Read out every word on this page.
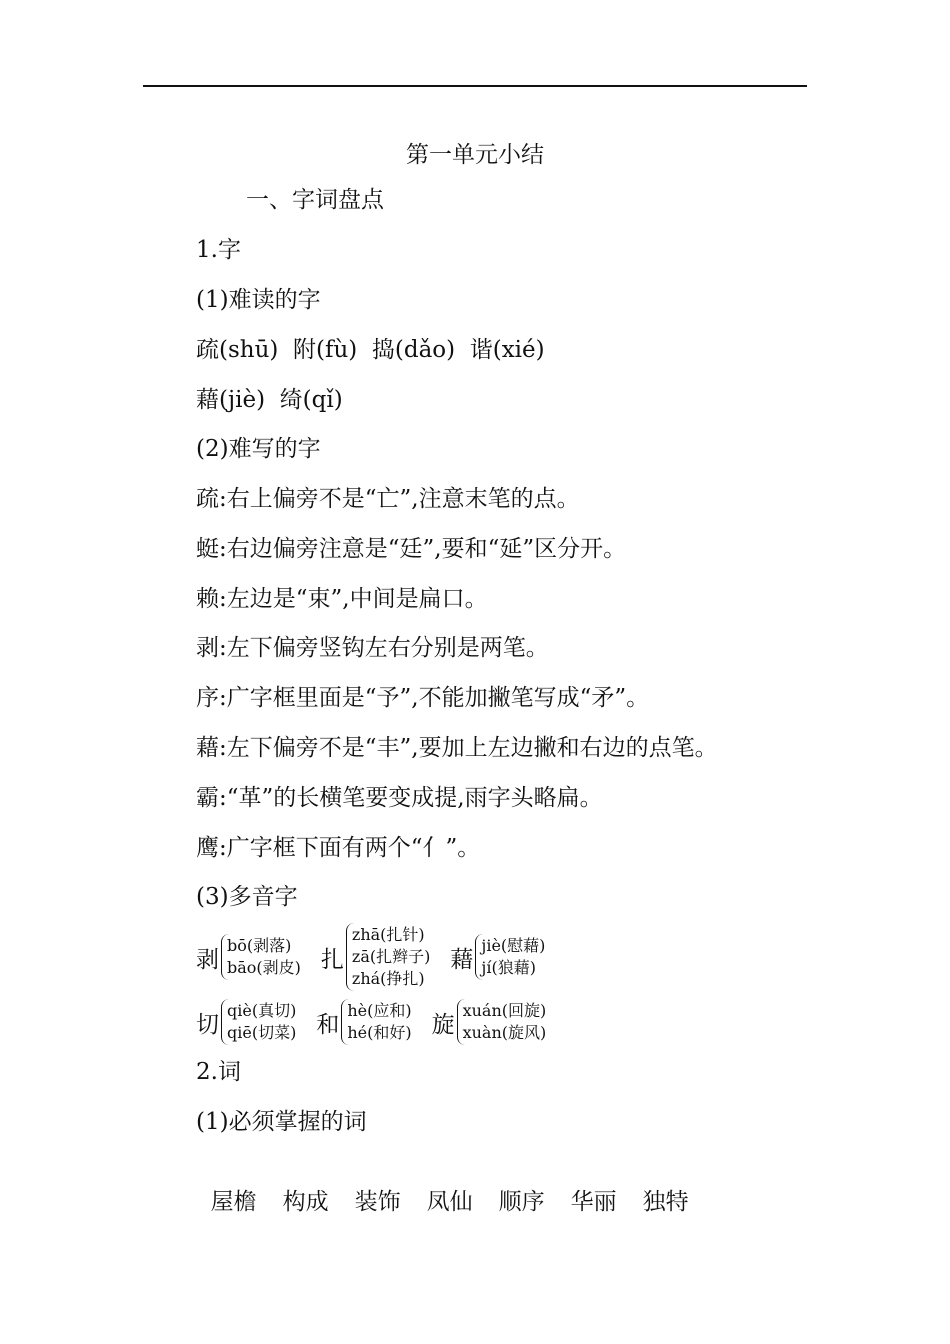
第一单元小结
一、字词盘点
1.字
(1)难读的字
疏(shū)  附(fù)  捣(dǎo)  谐(xié)
藉(jiè)  绮(qǐ)
(2)难写的字
疏:右上偏旁不是“亡”,注意末笔的点。
蜓:右边偏旁注意是“廷”,要和“延”区分开。
赖:左边是“束”,中间是扁口。
剥:左下偏旁竖钩左右分别是两笔。
序:广字框里面是“予”,不能加撇笔写成“矛”。
藉:左下偏旁不是“丰”,要加上左边撇和右边的点笔。
霸:“革”的长横笔要变成提,雨字头略扁。
鹰:广字框下面有两个“亻”。
(3)多音字
剥
bō(剥落)
bāo(剥皮) 扎
zhā(扎针)
zā(扎辫子)
zhá(挣扎)
藉
jiè(慰藉)
jí(狼藉)
切
qiè(真切)
qiē(切菜) 和
hè(应和)
hé(和好) 旋
xuán(回旋)
xuàn(旋风)
2.词
(1)必须掌握的词

屋檐 构成 装饰 凤仙 顺序 华丽 独特
